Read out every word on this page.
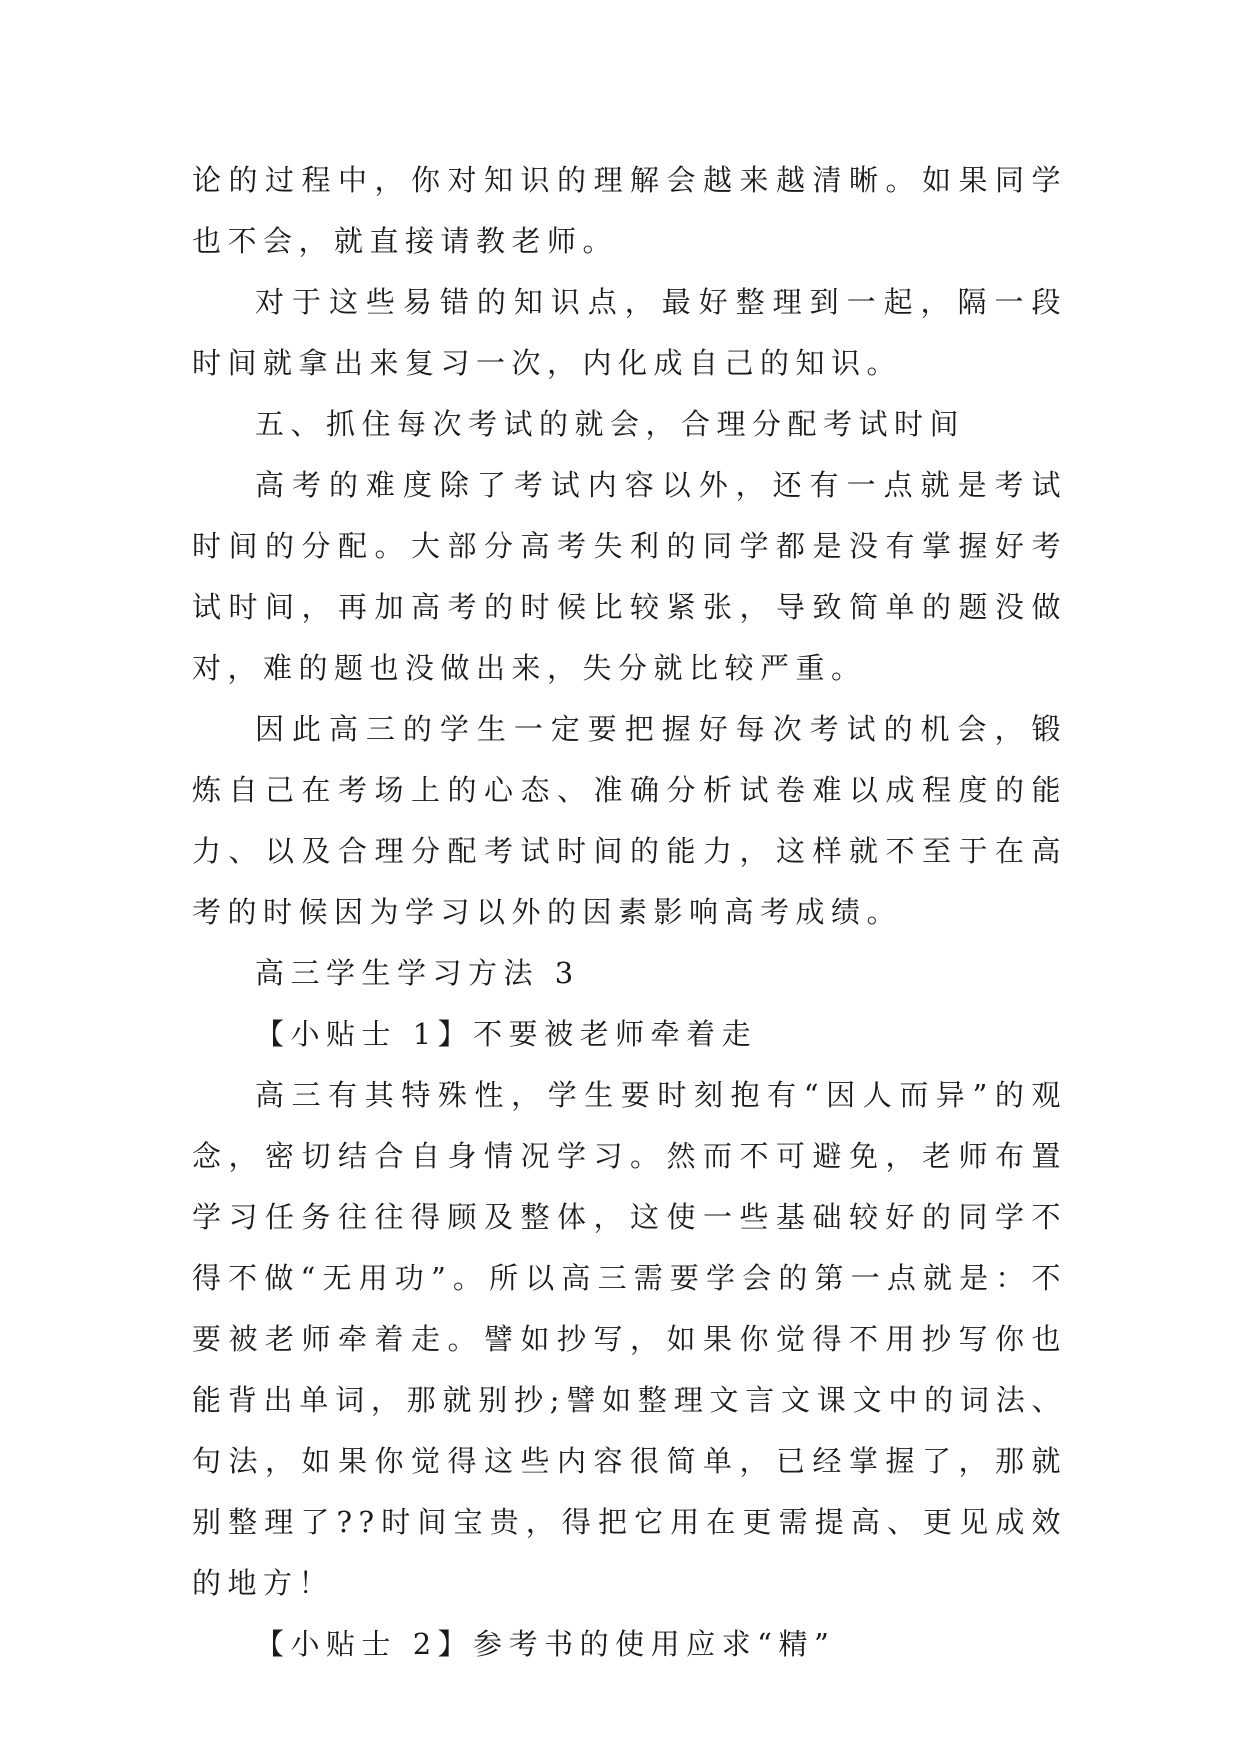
论的过程中，你对知识的理解会越来越清晰。如果同学也不会，就直接请教老师。

对于这些易错的知识点，最好整理到一起，隔一段时间就拿出来复习一次，内化成自己的知识。

五、抓住每次考试的就会，合理分配考试时间

高考的难度除了考试内容以外，还有一点就是考试时间的分配。大部分高考失利的同学都是没有掌握好考试时间，再加高考的时候比较紧张，导致简单的题没做对，难的题也没做出来，失分就比较严重。

因此高三的学生一定要把握好每次考试的机会，锻炼自己在考场上的心态、准确分析试卷难以成程度的能力、以及合理分配考试时间的能力，这样就不至于在高考的时候因为学习以外的因素影响高考成绩。

高三学生学习方法 3

【小贴士 1】不要被老师牵着走

高三有其特殊性，学生要时刻抱有“因人而异”的观念，密切结合自身情况学习。然而不可避免，老师布置学习任务往往得顾及整体，这使一些基础较好的同学不得不做“无用功”。所以高三需要学会的第一点就是：不要被老师牵着走。譬如抄写，如果你觉得不用抄写你也能背出单词，那就别抄;譬如整理文言文课文中的词法、句法，如果你觉得这些内容很简单，已经掌握了，那就别整理了??时间宝贵，得把它用在更需提高、更见成效的地方！

【小贴士 2】参考书的使用应求“精”
